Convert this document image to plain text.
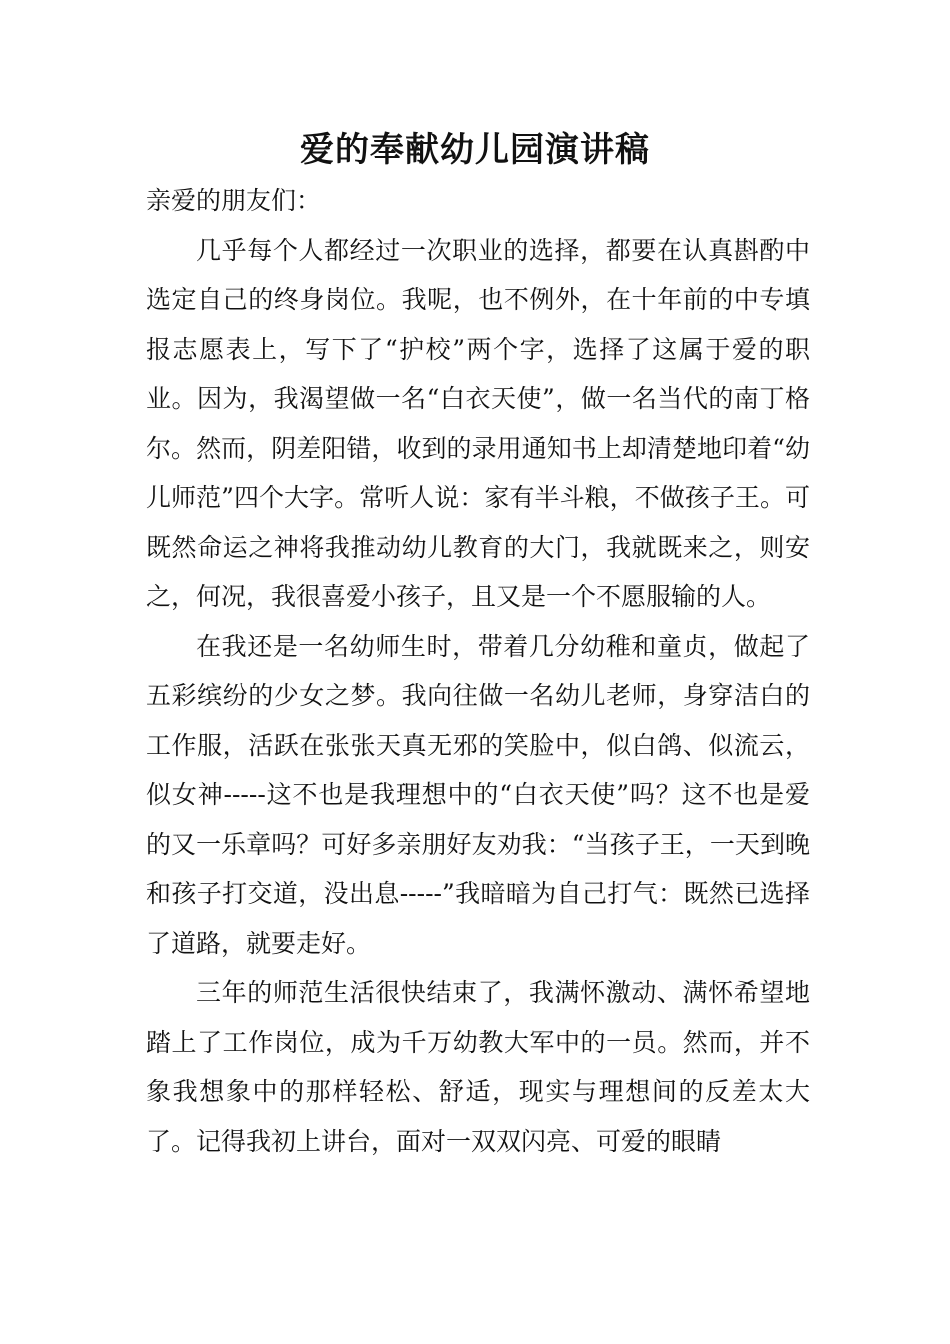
爱的奉献幼儿园演讲稿

亲爱的朋友们：

几乎每个人都经过一次职业的选择，都要在认真斟酌中选定自己的终身岗位。我呢，也不例外，在十年前的中专填报志愿表上，写下了“护校”两个字，选择了这属于爱的职业。因为，我渴望做一名“白衣天使”，做一名当代的南丁格尔。然而，阴差阳错，收到的录用通知书上却清楚地印着“幼儿师范”四个大字。常听人说：家有半斗粮，不做孩子王。可既然命运之神将我推动幼儿教育的大门，我就既来之，则安之，何况，我很喜爱小孩子，且又是一个不愿服输的人。

在我还是一名幼师生时，带着几分幼稚和童贞，做起了五彩缤纷的少女之梦。我向往做一名幼儿老师，身穿洁白的工作服，活跃在张张天真无邪的笑脸中，似白鸽、似流云，似女神-----这不也是我理想中的“白衣天使”吗？这不也是爱的又一乐章吗？可好多亲朋好友劝我：“当孩子王，一天到晚和孩子打交道，没出息-----”我暗暗为自己打气：既然已选择了道路，就要走好。

三年的师范生活很快结束了，我满怀激动、满怀希望地踏上了工作岗位，成为千万幼教大军中的一员。然而，并不象我想象中的那样轻松、舒适，现实与理想间的反差太大了。记得我初上讲台，面对一双双闪亮、可爱的眼睛
